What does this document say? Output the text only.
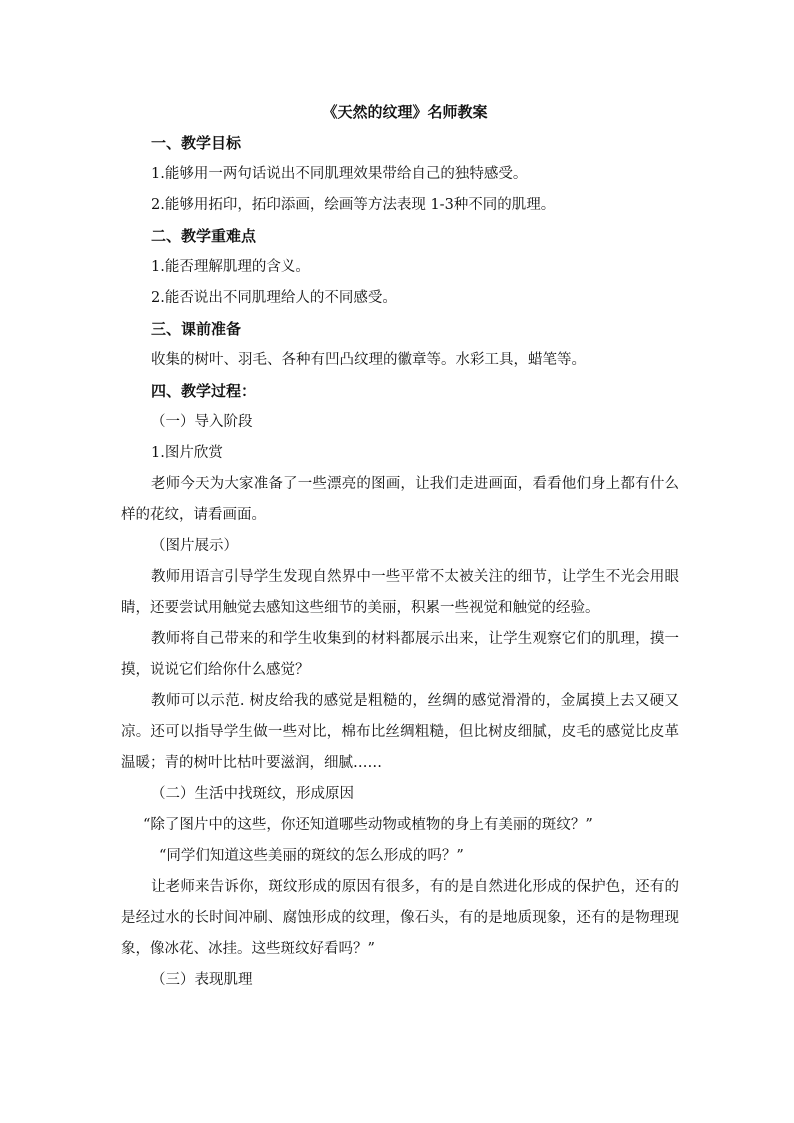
《天然的纹理》名师教案

一、教学目标

1.能够用一两句话说出不同肌理效果带给自己的独特感受。

2.能够用拓印，拓印添画，绘画等方法表现 1-3种不同的肌理。

二、教学重难点

1.能否理解肌理的含义。

2.能否说出不同肌理给人的不同感受。

三、课前准备

收集的树叶、羽毛、各种有凹凸纹理的徽章等。水彩工具，蜡笔等。

四、教学过程：

（一）导入阶段

1.图片欣赏

老师今天为大家准备了一些漂亮的图画，让我们走进画面，看看他们身上都有什么样的花纹，请看画面。

（图片展示）

教师用语言引导学生发现自然界中一些平常不太被关注的细节，让学生不光会用眼睛，还要尝试用触觉去感知这些细节的美丽，积累一些视觉和触觉的经验。

教师将自己带来的和学生收集到的材料都展示出来，让学生观察它们的肌理，摸一摸，说说它们给你什么感觉？

教师可以示范. 树皮给我的感觉是粗糙的，丝绸的感觉滑滑的，金属摸上去又硬又凉。还可以指导学生做一些对比，棉布比丝绸粗糙，但比树皮细腻，皮毛的感觉比皮革温暖；青的树叶比枯叶要滋润，细腻……

（二）生活中找斑纹，形成原因

“除了图片中的这些，你还知道哪些动物或植物的身上有美丽的斑纹？”

“同学们知道这些美丽的斑纹的怎么形成的吗？”

让老师来告诉你，斑纹形成的原因有很多，有的是自然进化形成的保护色，还有的是经过水的长时间冲刷、腐蚀形成的纹理，像石头，有的是地质现象，还有的是物理现象，像冰花、冰挂。这些斑纹好看吗？”

（三）表现肌理
